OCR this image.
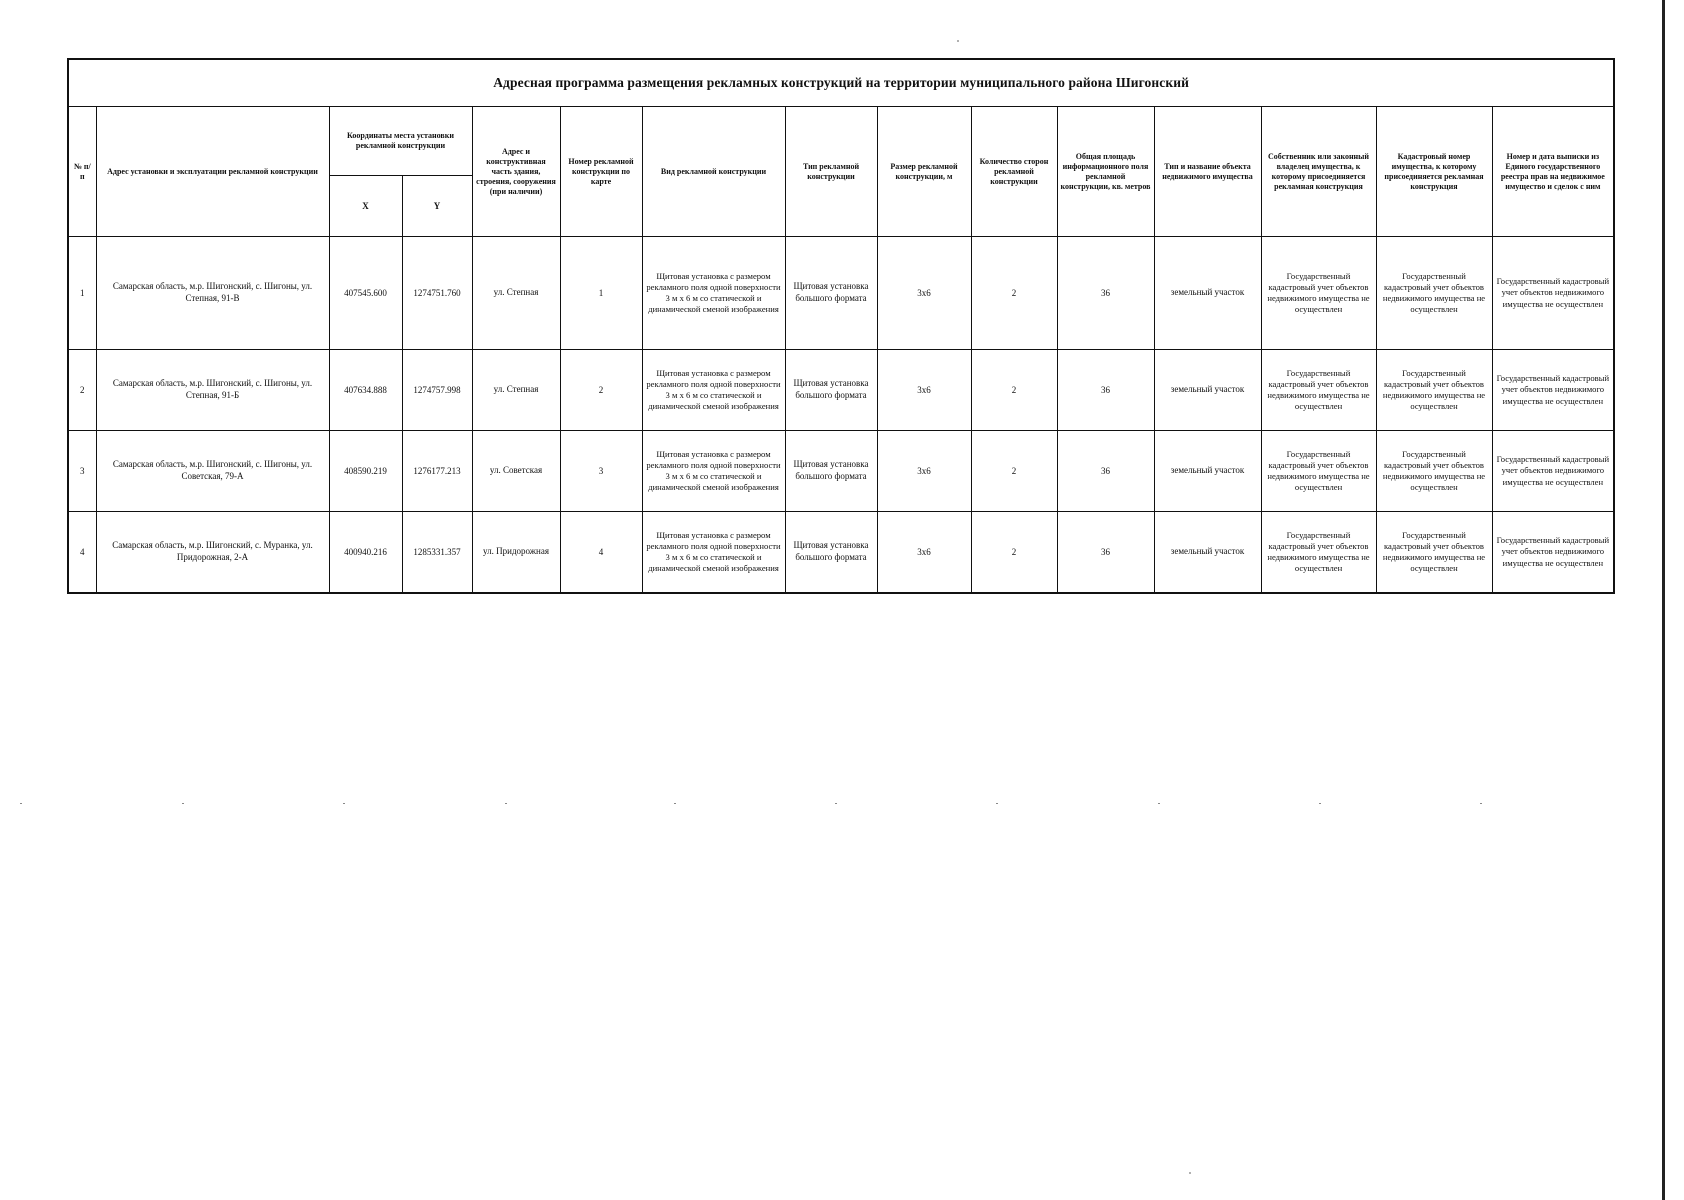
Адресная программа размещения рекламных конструкций на территории муниципального района Шигонский														
№ п/п	Адрес установки и эксплуатации рекламной конструкции	Координаты места установки рекламной конструкции		Адрес и конструктивная часть здания, строения, сооружения (при наличии)	Номер рекламной конструкции по карте	Вид рекламной конструкции	Тип рекламной конструкции	Размер рекламной конструкции, м	Количество сторон рекламной конструкции	Общая площадь информационного поля рекламной конструкции, кв. метров	Тип и название объекта недвижимого имущества	Собственник или законный владелец имущества, к которому присоединяется рекламная конструкция	Кадастровый номер имущества, к которому присоединяется рекламная конструкция	Номер и дата выписки из Единого государственного реестра прав на недвижимое имущество и сделок с ним
		X	Y											
1	Самарская область, м.р. Шигонский, с. Шигоны, ул. Степная, 91-В	407545.600	1274751.760	ул. Степная	1	Щитовая установка с размером рекламного поля одной поверхности 3 м х 6 м со статической и динамической сменой изображения	Щитовая установка большого формата	3х6	2	36	земельный участок	Государственный кадастровый учет объектов недвижимого имущества не осуществлен	Государственный кадастровый учет объектов недвижимого имущества не осуществлен	Государственный кадастровый учет объектов недвижимого имущества не осуществлен
2	Самарская область, м.р. Шигонский, с. Шигоны, ул. Степная, 91-Б	407634.888	1274757.998	ул. Степная	2	Щитовая установка с размером рекламного поля одной поверхности 3 м х 6 м со статической и динамической сменой изображения	Щитовая установка большого формата	3х6	2	36	земельный участок	Государственный кадастровый учет объектов недвижимого имущества не осуществлен	Государственный кадастровый учет объектов недвижимого имущества не осуществлен	Государственный кадастровый учет объектов недвижимого имущества не осуществлен
3	Самарская область, м.р. Шигонский, с. Шигоны, ул. Советская, 79-А	408590.219	1276177.213	ул. Советская	3	Щитовая установка с размером рекламного поля одной поверхности 3 м х 6 м со статической и динамической сменой изображения	Щитовая установка большого формата	3х6	2	36	земельный участок	Государственный кадастровый учет объектов недвижимого имущества не осуществлен	Государственный кадастровый учет объектов недвижимого имущества не осуществлен	Государственный кадастровый учет объектов недвижимого имущества не осуществлен
4	Самарская область, м.р. Шигонский, с. Муранка, ул. Придорожная, 2-А	400940.216	1285331.357	ул. Придорожная	4	Щитовая установка с размером рекламного поля одной поверхности 3 м х 6 м со статической и динамической сменой изображения	Щитовая установка большого формата	3х6	2	36	земельный участок	Государственный кадастровый учет объектов недвижимого имущества не осуществлен	Государственный кадастровый учет объектов недвижимого имущества не осуществлен	Государственный кадастровый учет объектов недвижимого имущества не осуществлен
